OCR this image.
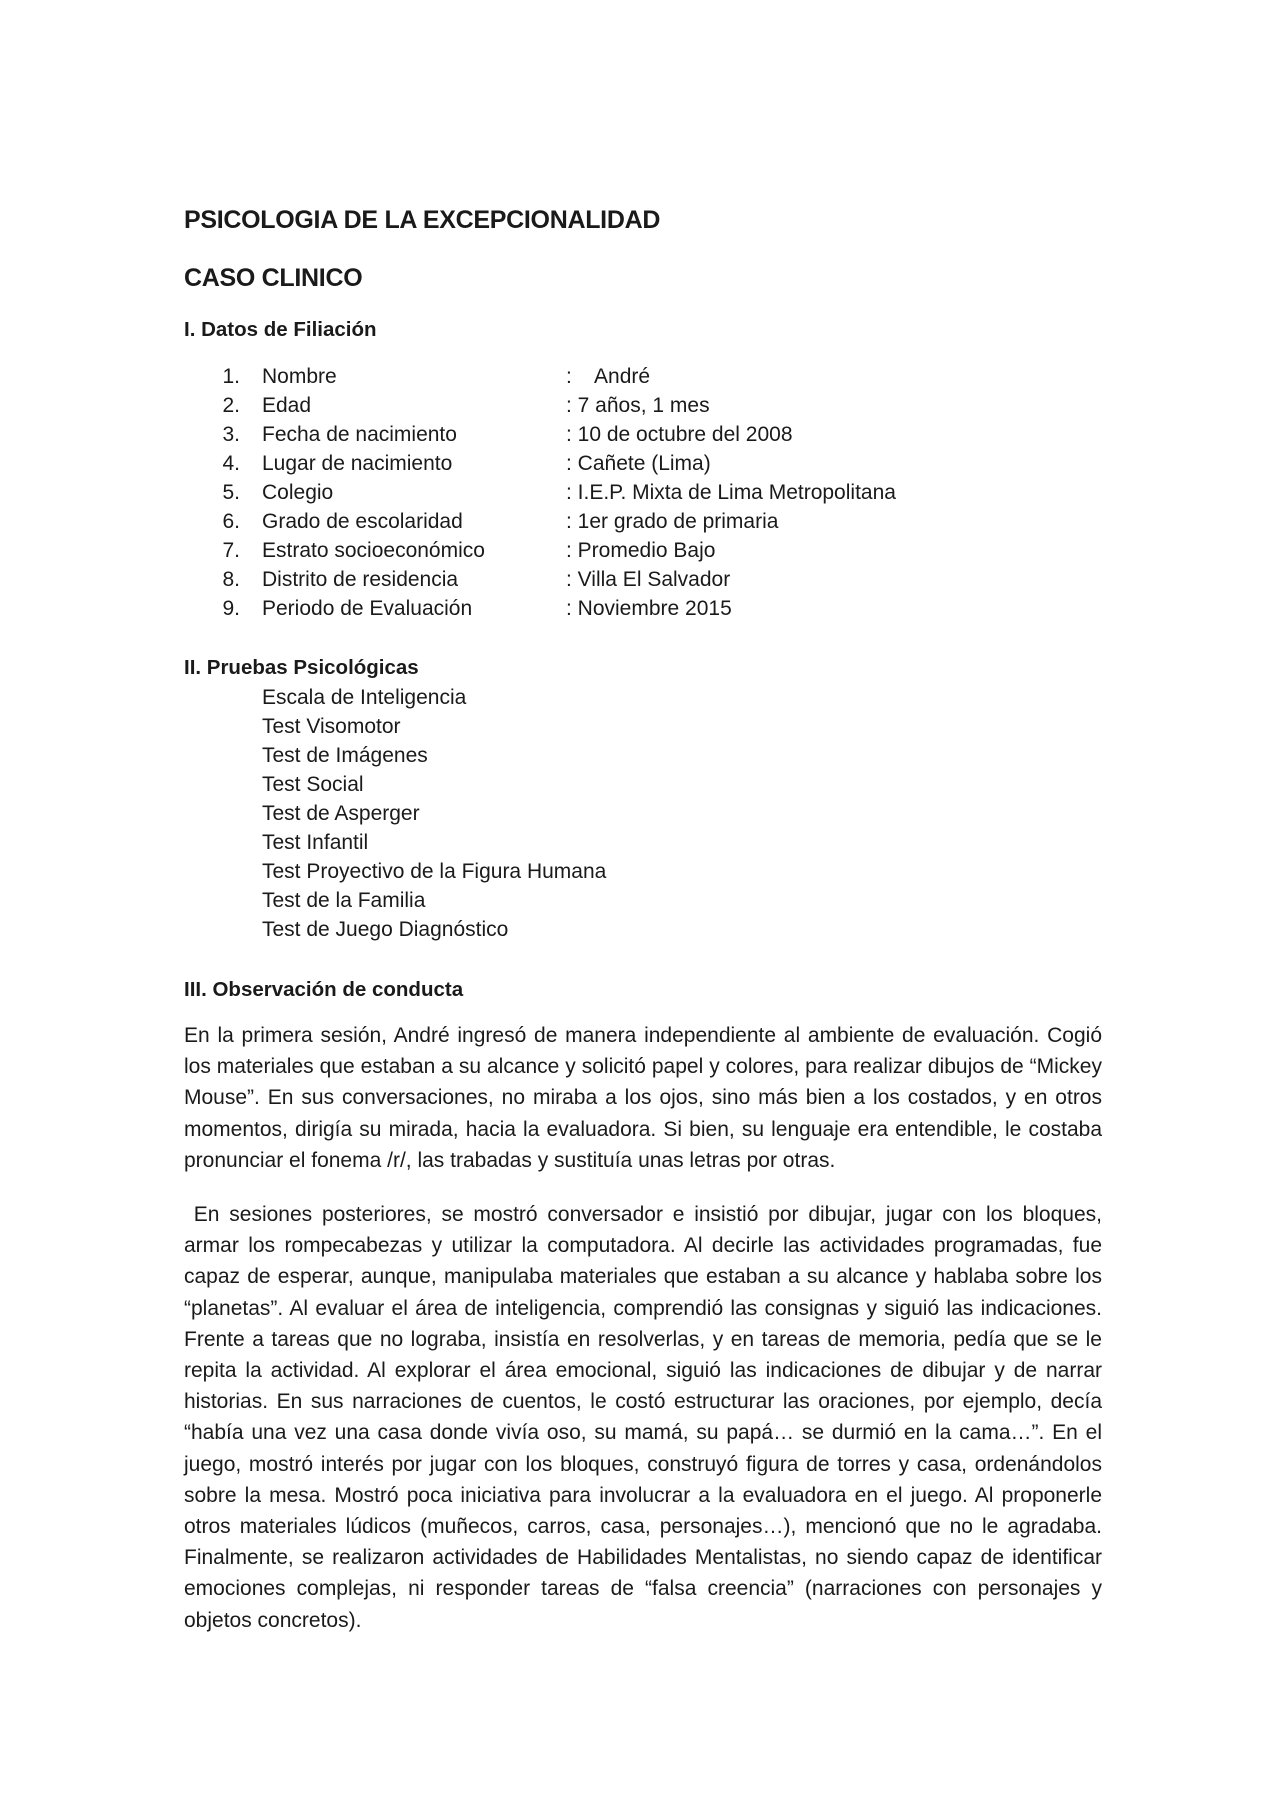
PSICOLOGIA DE LA EXCEPCIONALIDAD
CASO CLINICO
I. Datos de Filiación
1. Nombre	:    André
2. Edad	: 7 años, 1 mes
3. Fecha de nacimiento	: 10 de octubre del 2008
4. Lugar de nacimiento	: Cañete (Lima)
5. Colegio	: I.E.P. Mixta de Lima Metropolitana
6. Grado de escolaridad	: 1er grado de primaria
7. Estrato socioeconómico	: Promedio Bajo
8. Distrito de residencia	: Villa El Salvador
9. Periodo de Evaluación	: Noviembre 2015
II. Pruebas Psicológicas
Escala de Inteligencia
Test Visomotor
Test de Imágenes
Test Social
Test de Asperger
Test Infantil
Test Proyectivo de la Figura Humana
Test de la Familia
Test de Juego Diagnóstico
III. Observación de conducta

En la primera sesión, André ingresó de manera independiente al ambiente de evaluación. Cogió los materiales que estaban a su alcance y solicitó papel y colores, para realizar dibujos de “Mickey Mouse”. En sus conversaciones, no miraba a los ojos, sino más bien a los costados, y en otros momentos, dirigía su mirada, hacia la evaluadora. Si bien, su lenguaje era entendible, le costaba pronunciar el fonema /r/, las trabadas y sustituía unas letras por otras.

En sesiones posteriores, se mostró conversador e insistió por dibujar, jugar con los bloques, armar los rompecabezas y utilizar la computadora. Al decirle las actividades programadas, fue capaz de esperar, aunque, manipulaba materiales que estaban a su alcance y hablaba sobre los “planetas”. Al evaluar el área de inteligencia, comprendió las consignas y siguió las indicaciones. Frente a tareas que no lograba, insistía en resolverlas, y en tareas de memoria, pedía que se le repita la actividad. Al explorar el área emocional, siguió las indicaciones de dibujar y de narrar historias. En sus narraciones de cuentos, le costó estructurar las oraciones, por ejemplo, decía “había una vez una casa donde vivía oso, su mamá, su papá… se durmió en la cama…”. En el juego, mostró interés por jugar con los bloques, construyó figura de torres y casa, ordenándolos sobre la mesa. Mostró poca iniciativa para involucrar a la evaluadora en el juego. Al proponerle otros materiales lúdicos (muñecos, carros, casa, personajes…), mencionó que no le agradaba. Finalmente, se realizaron actividades de Habilidades Mentalistas, no siendo capaz de identificar emociones complejas, ni responder tareas de “falsa creencia” (narraciones con personajes y objetos concretos).
